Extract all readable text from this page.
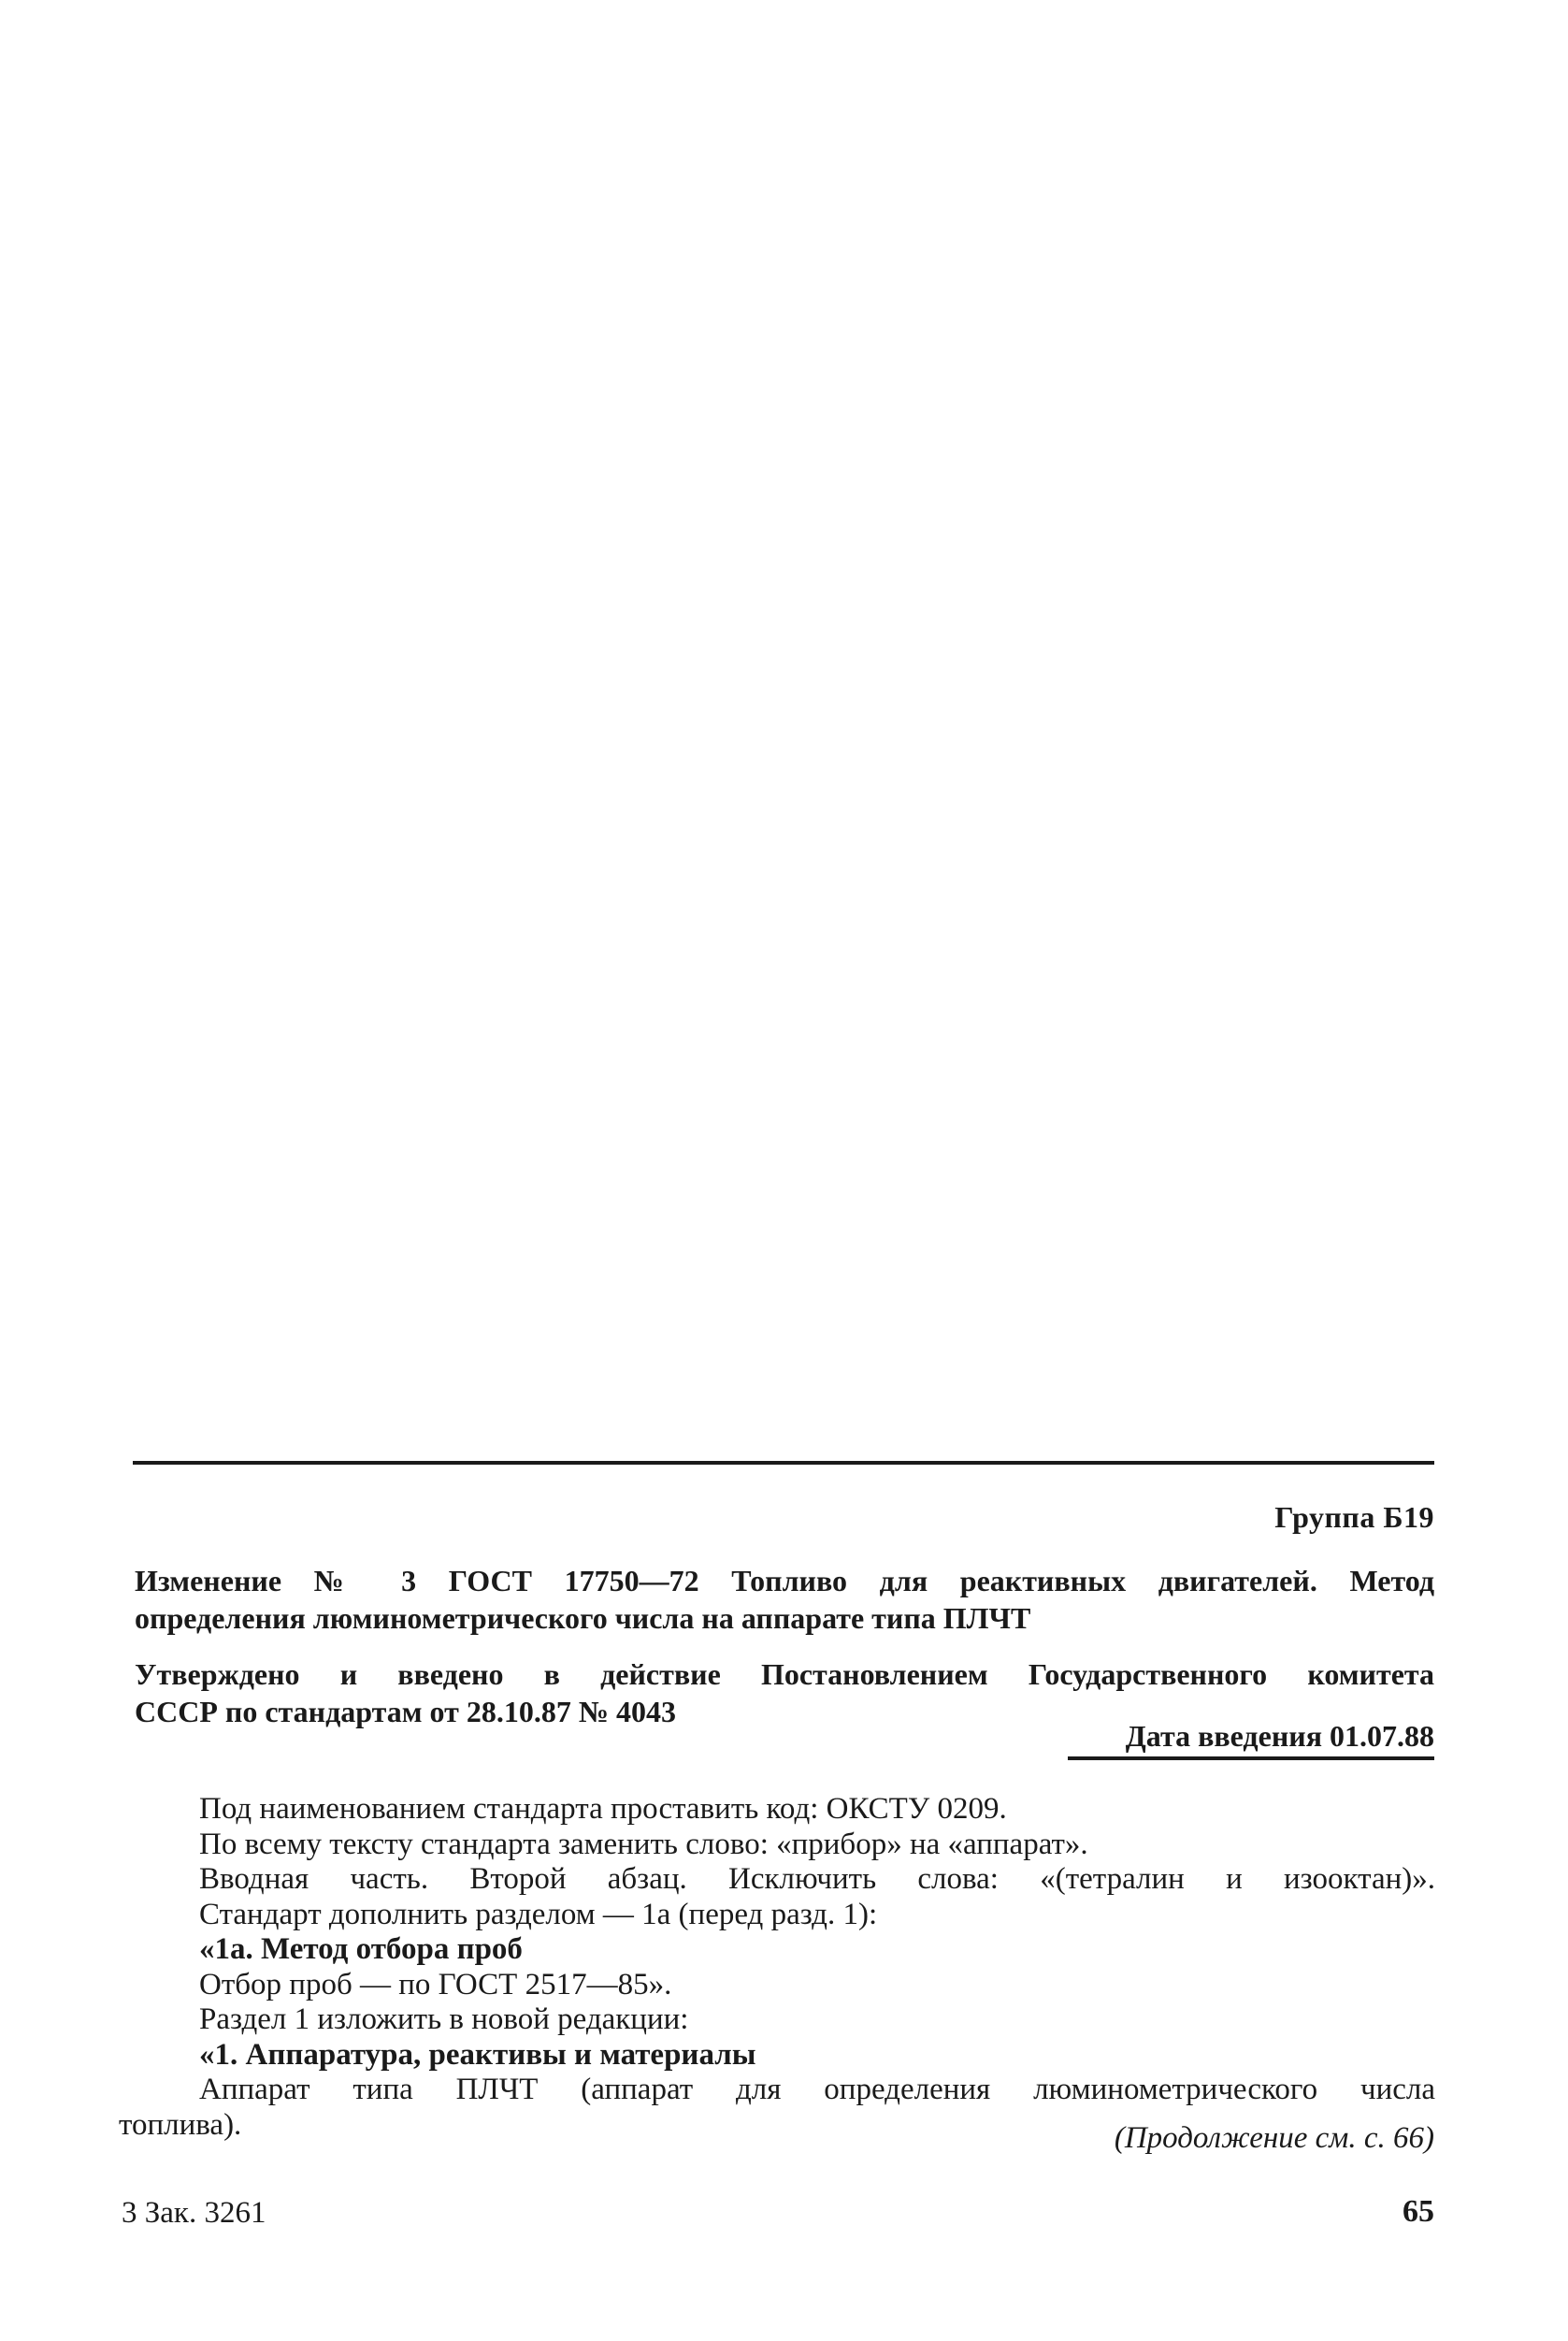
Группа Б19
Изменение № 3 ГОСТ 17750—72 Топливо для реактивных двигателей. Метод
определения люминометрического числа на аппарате типа ПЛЧТ
Утверждено и введено в действие Постановлением Государственного комитета
СССР по стандартам от 28.10.87 № 4043
Дата введения 01.07.88

Под наименованием стандарта проставить код: ОКСТУ 0209.

По всему тексту стандарта заменить слово: «прибор» на «аппарат».

Вводная часть. Второй абзац. Исключить слова: «(тетралин и изооктан)».

Стандарт дополнить разделом — 1а (перед разд. 1):

«1а. Метод отбора проб

Отбор проб — по ГОСТ 2517—85».

Раздел 1 изложить в новой редакции:

«1. Аппаратура, реактивы и материалы

Аппарат типа ПЛЧТ (аппарат для определения люминометрического числа

топлива).	(Продолжение см. с. 66)
3 Зак. 3261	65
